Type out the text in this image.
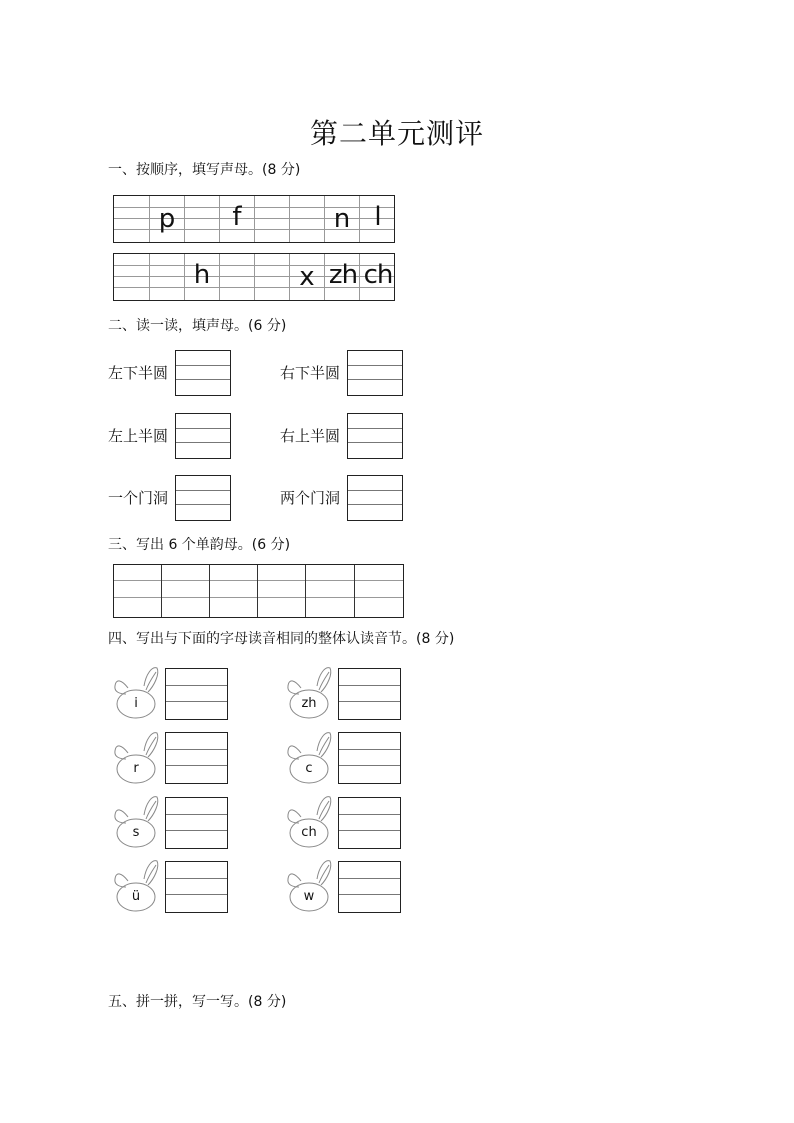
第二单元测评
一、按顺序，填写声母。(8 分)
p	f	n l
h	x zh ch
二、读一读，填声母。(6 分)
左下半圆	右下半圆
左上半圆	右上半圆
一个门洞	两个门洞
三、写出 6 个单韵母。(6 分)
四、写出与下面的字母读音相同的整体认读音节。(8 分)
i	zh
r	c
s	ch
ü	w
五、拼一拼，写一写。(8 分)
